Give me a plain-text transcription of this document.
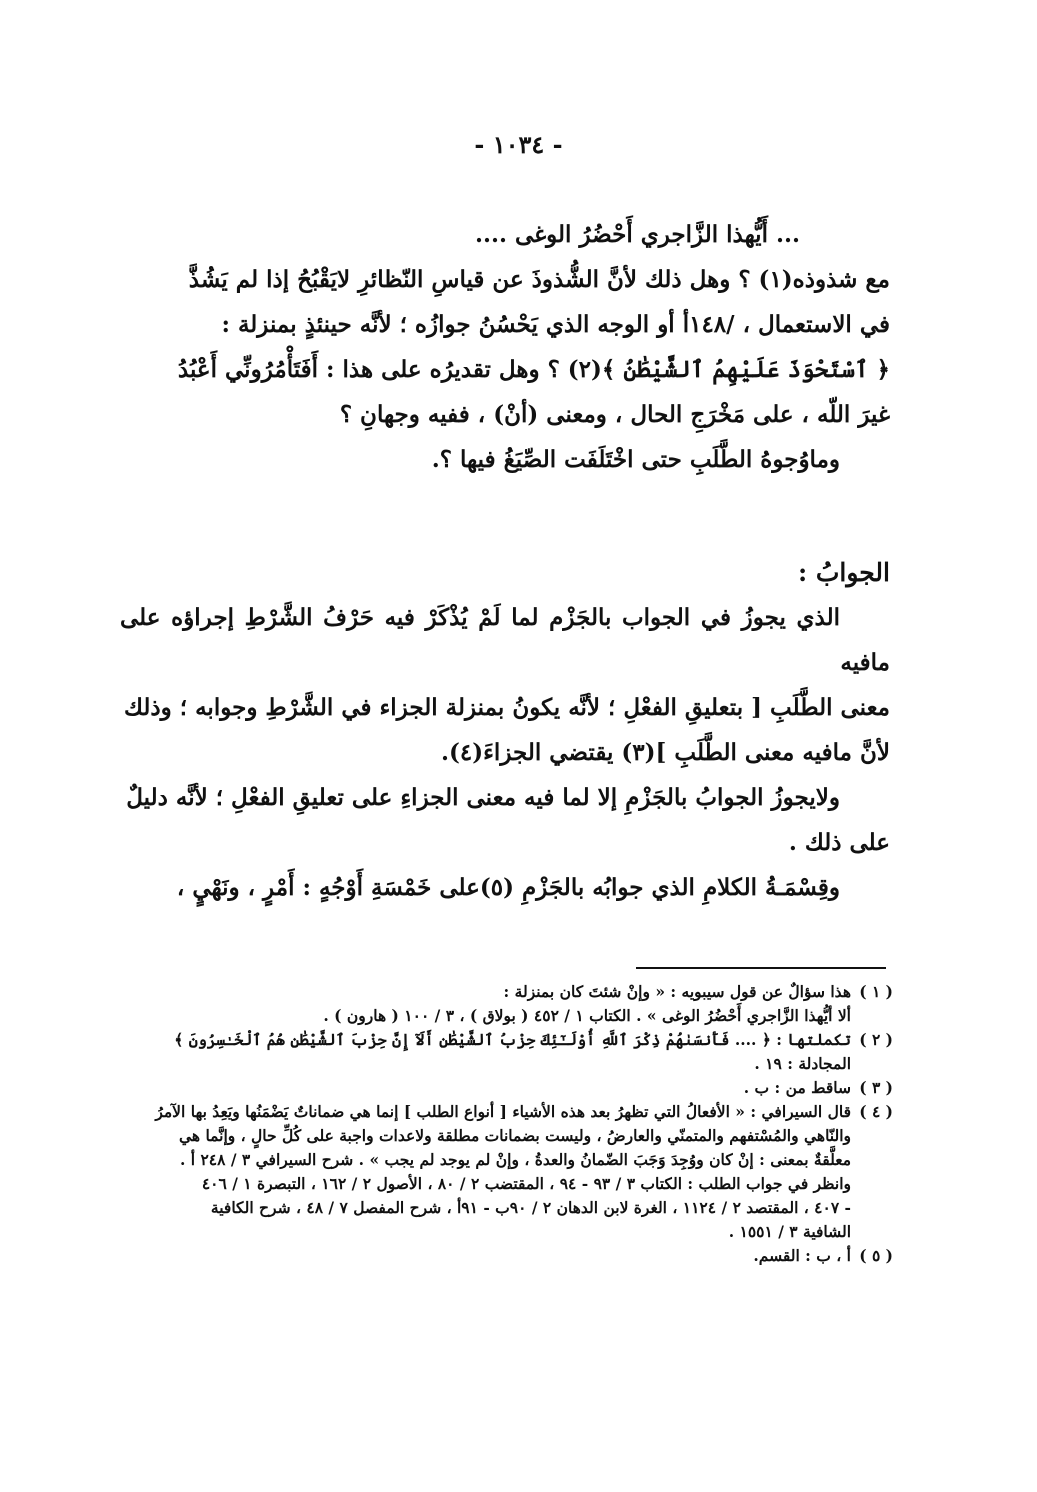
- ١٠٣٤ -

... أَيُّهذا الزَّاجري أَحْضُرُ الوغى ....

مع شذوذه(١) ؟ وهل ذلك لأنَّ الشُّذوذَ عن قياسِ النّظائرِ لايَقْبُحُ إذا لم يَشُذَّ
في الاستعمال ، /١٤٨أ أو الوجه الذي يَحْسُنُ جوازُه ؛ لأنَّه حينئذٍ بمنزلة :
﴿ ٱسْتَحْوَذَ عَلَيْهِمُ ٱلشَّيْطَٰنُ ﴾(٢) ؟ وهل تقديرُه على هذا : أَفَتَأْمُرُونِّي أَعْبُدُ
غيرَ اللّه ، على مَخْرَجِ الحال ، ومعنى (أنْ) ، ففيه وجهانِ ؟

وماوُجوهُ الطَّلَبِ حتى اخْتَلَفَت الصِّيَغُ فيها ؟.

الجوابُ :

الذي يجوزُ في الجواب بالجَزْم لما لَمْ يُذْكَرْ فيه حَرْفُ الشَّرْطِ إجراؤه على مافيه
معنى الطَّلَبِ [ بتعليقِ الفعْلِ ؛ لأنَّه يكونُ بمنزلة الجزاء في الشَّرْطِ وجوابه ؛ وذلك
لأنَّ مافيه معنى الطَّلَبِ ](٣) يقتضي الجزاءَ(٤).

ولايجوزُ الجوابُ بالجَزْمِ إلا لما فيه معنى الجزاءِ على تعليقِ الفعْلِ ؛ لأنَّه دليلٌ
على ذلك .

وقِسْمَـةُ الكلامِ الذي جوابُه بالجَزْمِ (٥)على خَمْسَةِ أَوْجُهٍ : أَمْرٍ ، ونَهْيٍ ،

( ١ )
هذا سؤالٌ عن قول سيبويه : « وإنْ شئتَ كان بمنزلة :
ألا أيُّهذا الزَّاجري أَحْضُرُ الوغى » . الكتاب ١ / ٤٥٢ ( بولاق ) ، ٣ / ١٠٠ ( هارون ) .
( ٢ )
تكملتها : ﴿ .... فَأَنسَىٰهُمْ ذِكْرَ ٱللَّهِ أُوْلَـٰٓئِكَ حِزْبُ ٱلشَّيْطَٰنِ أَلَآ إِنَّ حِزْبَ ٱلشَّيْطَٰنِ هُمُ ٱلْخَـٰسِرُونَ ﴾
المجادلة : ١٩ .
( ٣ )
ساقط من : ب .
( ٤ )
قال السيرافي : « الأفعالُ التي تظهرُ بعد هذه الأشياء [ أنواع الطلب ] إنما هي ضماناتٌ يَضْمَنُها ويَعِدُ بها الآمرُ
والنّاهي والمُسْتفهم والمتمنّي والعارضُ ، وليست بضمانات مطلقة ولاعدات واجبة على كُلِّ حالٍ ، وإنَّما هي
معلَّقةٌ بمعنى : إنْ كان ووُجِدَ وَجَبَ الضّمانُ والعدةُ ، وإنْ لم يوجد لم يجب » . شرح السيرافي ٣ / ٢٤٨ أ .
وانظر في جواب الطلب : الكتاب ٣ / ٩٣ - ٩٤ ، المقتضب ٢ / ٨٠ ، الأصول ٢ / ١٦٢ ، التبصرة ١ / ٤٠٦
- ٤٠٧ ، المقتصد ٢ / ١١٢٤ ، الغرة لابن الدهان ٢ / ٩٠ب - ٩١أ ، شرح المفصل ٧ / ٤٨ ، شرح الكافية
الشافية ٣ / ١٥٥١ .
( ٥ )
أ ، ب : القسم.
